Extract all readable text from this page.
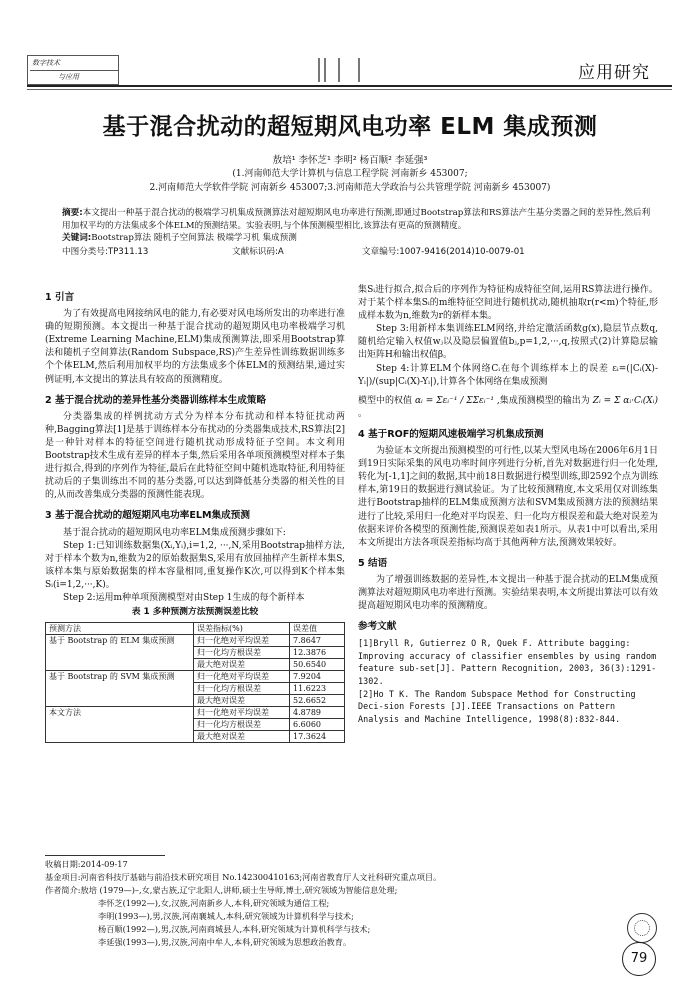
数字技术
与应用	应用研究
基于混合扰动的超短期风电功率 ELM 集成预测
敖培¹ 李怀芝¹ 李明² 杨百顺² 李延强³
(1.河南师范大学计算机与信息工程学院 河南新乡 453007;
2.河南师范大学软件学院 河南新乡 453007;3.河南师范大学政治与公共管理学院 河南新乡 453007)
摘要:本文提出一种基于混合扰动的极端学习机集成预测算法对超短期风电功率进行预测,即通过Bootstrap算法和RS算法产生基分类器之间的差异性,然后利用加权平均的方法集成多个体ELM的预测结果。实验表明,与个体预测模型相比,该算法有更高的预测精度。
关键词:Bootstrap算法 随机子空间算法 极端学习机 集成预测
中图分类号:TP311.13	文献标识码:A	文章编号:1007-9416(2014)10-0079-01
1 引言

为了有效提高电网接纳风电的能力,有必要对风电场所发出的功率进行准确的短期预测。本文提出一种基于混合扰动的超短期风电功率极端学习机(Extreme Learning Machine,ELM)集成预测算法,即采用Bootstrap算法和随机子空间算法(Random Subspace,RS)产生差异性训练数据训练多个个体ELM,然后利用加权平均的方法集成多个体ELM的预测结果,通过实例证明,本文提出的算法具有较高的预测精度。

2 基于混合扰动的差异性基分类器训练样本生成策略

分类器集成的样例扰动方式分为样本分布扰动和样本特征扰动两种,Bagging算法[1]是基于训练样本分布扰动的分类器集成技术,RS算法[2]是一种针对样本的特征空间进行随机扰动形成特征子空间。本文利用Bootstrap技术生成有差异的样本子集,然后采用各单项预测模型对样本子集进行拟合,得到的序列作为特征,最后在此特征空间中随机选取特征,利用特征扰动后的子集训练出不同的基分类器,可以达到降低基分类器的相关性的目的,从而改善集成分类器的预测性能表现。

3 基于混合扰动的超短期风电功率ELM集成预测

基于混合扰动的超短期风电功率ELM集成预测步骤如下:

Step 1:已知训练数据集(Xᵢ,Yᵢ),i=1,2, ···,N,采用Bootstrap抽样方法,对于样本个数为n,维数为2的原始数据集S,采用有放回抽样产生新样本集S,该样本集与原始数据集的样本容量相同,重复操作K次,可以得到K个样本集Sᵢ(i=1,2,···,K)。

Step 2:运用m种单项预测模型对由Step 1生成的每个新样本

表 1 多种预测方法预测误差比较
预测方法	误差指标(%)	误差值
基于 Bootstrap 的 ELM 集成预测	归一化绝对平均误差	7.8647
	归一化均方根误差	12.3876
	最大绝对误差	50.6540
基于 Bootstrap 的 SVM 集成预测	归一化绝对平均误差	7.9204
	归一化均方根误差	11.6223
	最大绝对误差	52.6652
本文方法	归一化绝对平均误差	4.8789
	归一化均方根误差	6.6060
	最大绝对误差	17.3624

集Sᵢ进行拟合,拟合后的序列作为特征构成特征空间,运用RS算法进行操作。对于某个样本集Sᵢ的m维特征空间进行随机扰动,随机抽取r(r<m)个特征,形成样本数为n,维数为r的新样本集。

Step 3:用新样本集训练ELM网络,并给定激活函数g(x),隐层节点数q,随机给定输入权值wⱼ以及隐层偏置值bⱼ,p=1,2,···,q,按照式(2)计算隐层输出矩阵H和输出权值β。

Step 4:计算ELM个体网络Cᵢ在每个训练样本上的误差 εᵢ=(|Cᵢ(X)-Yᵢ|)/(sup|Cᵢ(X)-Yᵢ|),计算各个体网络在集成预测

模型中的权值 αᵢ = Σεᵢ⁻¹ / ΣΣεᵢ⁻¹ ,集成预测模型的输出为 Zᵢ = Σ αᵢ·Cᵢ(Xᵢ) 。

4 基于ROF的短期风速极端学习机集成预测

为验证本文所提出预测模型的可行性,以某大型风电场在2006年6月1日到19日实际采集的风电功率时间序列进行分析,首先对数据进行归一化处理,转化为[-1,1]之间的数据,其中前18日数据进行模型训练,即2592个点为训练样本,第19日的数据进行测试验证。为了比较预测精度,本文采用仅对训练集进行Bootstrap抽样的ELM集成预测方法和SVM集成预测方法的预测结果进行了比较,采用归一化绝对平均误差、归一化均方根误差和最大绝对误差为依据来评价各模型的预测性能,预测误差如表1所示。从表1中可以看出,采用本文所提出方法各项误差指标均高于其他两种方法,预测效果较好。

5 结语

为了增强训练数据的差异性,本文提出一种基于混合扰动的ELM集成预测算法对超短期风电功率进行预测。实验结果表明,本文所提出算法可以有效提高超短期风电功率的预测精度。

参考文献
[1]Bryll R, Gutierrez O R, Quek F. Attribute bagging: Improving accuracy of classifier ensembles by using random feature sub-set[J]. Pattern Recognition, 2003, 36(3):1291-1302.
[2]Ho T K. The Random Subspace Method for Constructing Deci-sion Forests [J].IEEE Transactions on Pattern Analysis and Machine Intelligence, 1998(8):832-844.
收稿日期:2014-09-17
基金项目:河南省科技厅基础与前沿技术研究项目 No.142300410163;河南省教育厅人文社科研究重点项目。
作者简介:敖培 (1979—)–,女,蒙古族,辽宁北阳人,讲师,硕士生导师,博士,研究领域为智能信息处理;
李怀芝(1992—),女,汉族,河南新乡人,本科,研究领域为通信工程;
李明(1993—),男,汉族,河南襄城人,本科,研究领域为计算机科学与技术;
杨百顺(1992—),男,汉族,河南商城县人,本科,研究领域为计算机科学与技术;
李延强(1993—),男,汉族,河南中牟人,本科,研究领域为思想政治教育。
79
